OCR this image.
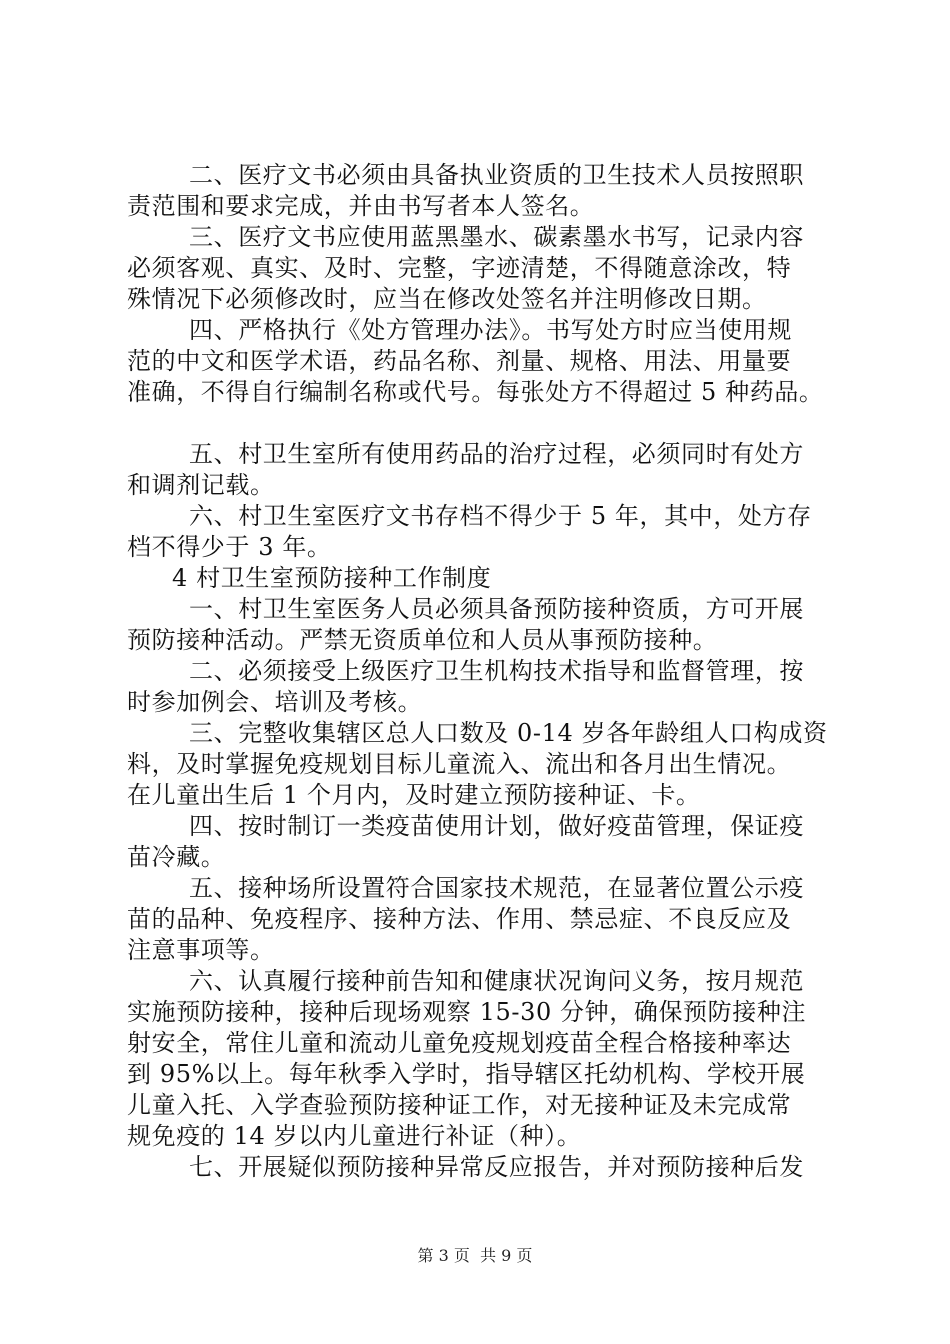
二、医疗文书必须由具备执业资质的卫生技术人员按照职
责范围和要求完成，并由书写者本人签名。
三、医疗文书应使用蓝黑墨水、碳素墨水书写，记录内容
必须客观、真实、及时、完整，字迹清楚，不得随意涂改，特
殊情况下必须修改时，应当在修改处签名并注明修改日期。
四、严格执行《处方管理办法》。书写处方时应当使用规
范的中文和医学术语，药品名称、剂量、规格、用法、用量要
准确，不得自行编制名称或代号。每张处方不得超过 5 种药品。
五、村卫生室所有使用药品的治疗过程，必须同时有处方
和调剂记载。
六、村卫生室医疗文书存档不得少于 5 年，其中，处方存
档不得少于 3 年。
4 村卫生室预防接种工作制度
一、村卫生室医务人员必须具备预防接种资质，方可开展
预防接种活动。严禁无资质单位和人员从事预防接种。
二、必须接受上级医疗卫生机构技术指导和监督管理，按
时参加例会、培训及考核。
三、完整收集辖区总人口数及 0-14 岁各年龄组人口构成资
料，及时掌握免疫规划目标儿童流入、流出和各月出生情况。
在儿童出生后 1 个月内，及时建立预防接种证、卡。
四、按时制订一类疫苗使用计划，做好疫苗管理，保证疫
苗冷藏。
五、接种场所设置符合国家技术规范，在显著位置公示疫
苗的品种、免疫程序、接种方法、作用、禁忌症、不良反应及
注意事项等。
六、认真履行接种前告知和健康状况询问义务，按月规范
实施预防接种，接种后现场观察 15-30 分钟，确保预防接种注
射安全，常住儿童和流动儿童免疫规划疫苗全程合格接种率达
到 95%以上。每年秋季入学时，指导辖区托幼机构、学校开展
儿童入托、入学查验预防接种证工作，对无接种证及未完成常
规免疫的 14 岁以内儿童进行补证（种）。
七、开展疑似预防接种异常反应报告，并对预防接种后发
第 3 页  共 9 页
